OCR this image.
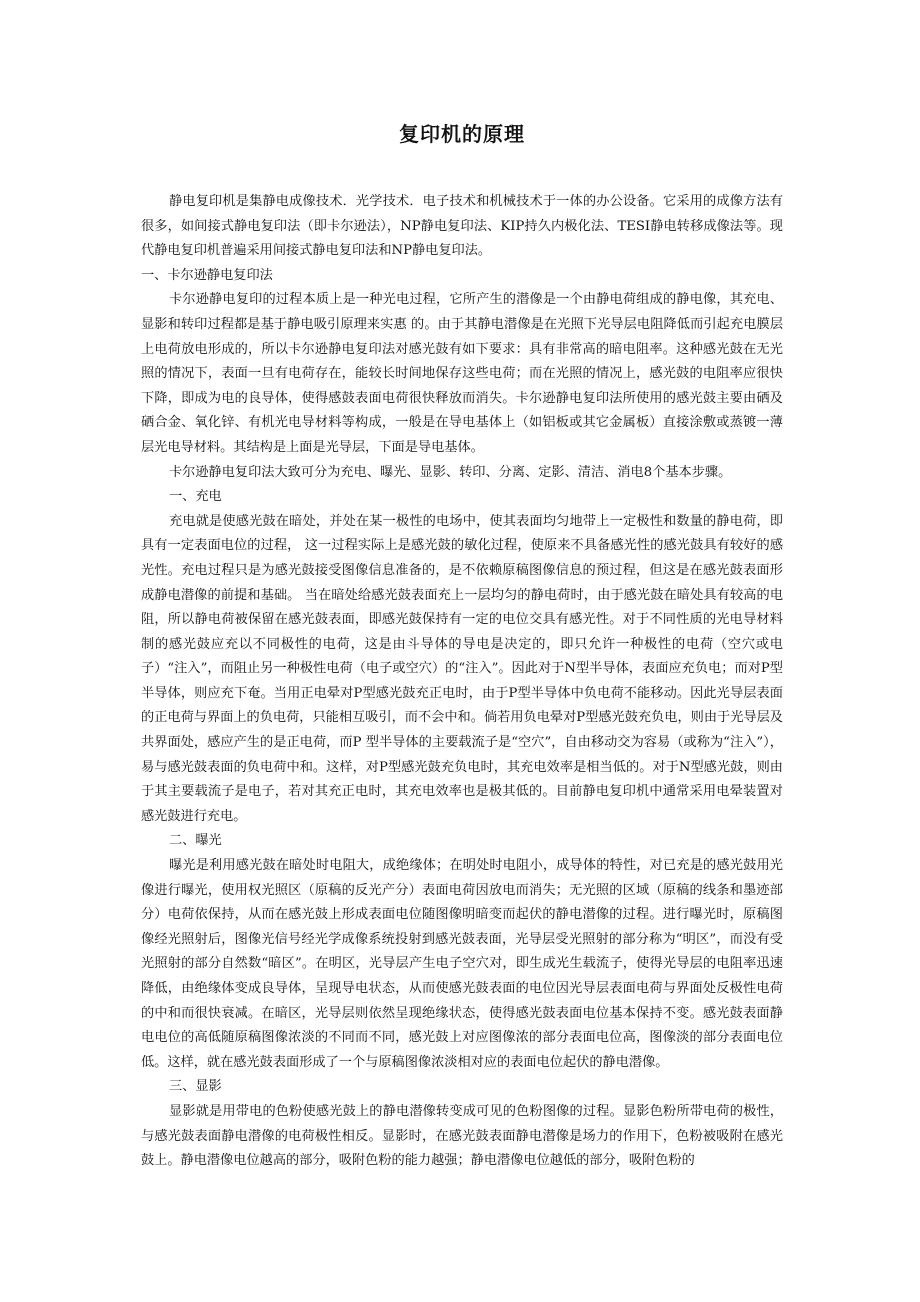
复印机的原理

静电复印机是集静电成像技术．光学技术．电子技术和机械技术于一体的办公设备。它采用的成像方法有很多，如间接式静电复印法（即卡尔逊法），NP静电复印法、KIP持久内极化法、TESI静电转移成像法等。现代静电复印机普遍采用间接式静电复印法和NP静电复印法。

一、卡尔逊静电复印法

卡尔逊静电复印的过程本质上是一种光电过程，它所产生的潜像是一个由静电荷组成的静电像，其充电、显影和转印过程都是基于静电吸引原理来实惠 的。由于其静电潜像是在光照下光导层电阻降低而引起充电膜层上电荷放电形成的，所以卡尔逊静电复印法对感光鼓有如下要求：具有非常高的暗电阻率。这种感光鼓在无光照的情况下，表面一旦有电荷存在，能较长时间地保存这些电荷；而在光照的情况上，感光鼓的电阻率应很快下降，即成为电的良导体，使得感鼓表面电荷很快释放而消失。卡尔逊静电复印法所使用的感光鼓主要由硒及硒合金、氧化锌、有机光电导材料等构成，一般是在导电基体上（如铝板或其它金属板）直接涂敷或蒸镀一薄层光电导材料。其结构是上面是光导层，下面是导电基体。

卡尔逊静电复印法大致可分为充电、曝光、显影、转印、分离、定影、清洁、消电8个基本步骤。

一、充电

充电就是使感光鼓在暗处，并处在某一极性的电场中，使其表面均匀地带上一定极性和数量的静电荷，即具有一定表面电位的过程， 这一过程实际上是感光鼓的敏化过程，使原来不具备感光性的感光鼓具有较好的感光性。充电过程只是为感光鼓接受图像信息准备的，是不依赖原稿图像信息的预过程，但这是在感光鼓表面形成静电潜像的前提和基础。 当在暗处给感光鼓表面充上一层均匀的静电荷时，由于感光鼓在暗处具有较高的电阻，所以静电荷被保留在感光鼓表面，即感光鼓保持有一定的电位交具有感光性。对于不同性质的光电导材料制的感光鼓应充以不同极性的电荷，这是由斗导体的导电是决定的，即只允许一种极性的电荷（空穴或电子）“注入”，而阻止另一种极性电荷（电子或空穴）的“注入”。因此对于N型半导体，表面应充负电；而对P型半导体，则应充下奄。当用正电晕对P型感光鼓充正电时，由于P型半导体中负电荷不能移动。因此光导层表面的正电荷与界面上的负电荷，只能相互吸引，而不会中和。倘若用负电晕对P型感光鼓充负电，则由于光导层及共界面处，感应产生的是正电荷，而P 型半导体的主要载流子是“空穴”，自由移动交为容易（或称为“注入”），易与感光鼓表面的负电荷中和。这样，对P型感光鼓充负电时，其充电效率是相当低的。对于N型感光鼓，则由于其主要载流子是电子，若对其充正电时，其充电效率也是极其低的。目前静电复印机中通常采用电晕装置对感光鼓进行充电。

二、曝光

曝光是利用感光鼓在暗处时电阻大，成绝缘体；在明处时电阻小，成导体的特性，对已充是的感光鼓用光像进行曝光，使用权光照区（原稿的反光产分）表面电荷因放电而消失；无光照的区域（原稿的线条和墨迹部分）电荷依保持，从而在感光鼓上形成表面电位随图像明暗变而起伏的静电潜像的过程。进行曝光时，原稿图像经光照射后，图像光信号经光学成像系统投射到感光鼓表面，光导层受光照射的部分称为“明区”，而没有受光照射的部分自然数“暗区”。在明区，光导层产生电子空穴对，即生成光生载流子，使得光导层的电阻率迅速降低，由绝缘体变成良导体，呈现导电状态，从而使感光鼓表面的电位因光导层表面电荷与界面处反极性电荷的中和而很快衰减。在暗区，光导层则依然呈现绝缘状态，使得感光鼓表面电位基本保持不变。感光鼓表面静电电位的高低随原稿图像浓淡的不同而不同，感光鼓上对应图像浓的部分表面电位高，图像淡的部分表面电位低。这样，就在感光鼓表面形成了一个与原稿图像浓淡相对应的表面电位起伏的静电潜像。

三、显影

显影就是用带电的色粉使感光鼓上的静电潜像转变成可见的色粉图像的过程。显影色粉所带电荷的极性，与感光鼓表面静电潜像的电荷极性相反。显影时，在感光鼓表面静电潜像是场力的作用下，色粉被吸附在感光鼓上。静电潜像电位越高的部分，吸附色粉的能力越强；静电潜像电位越低的部分，吸附色粉的
